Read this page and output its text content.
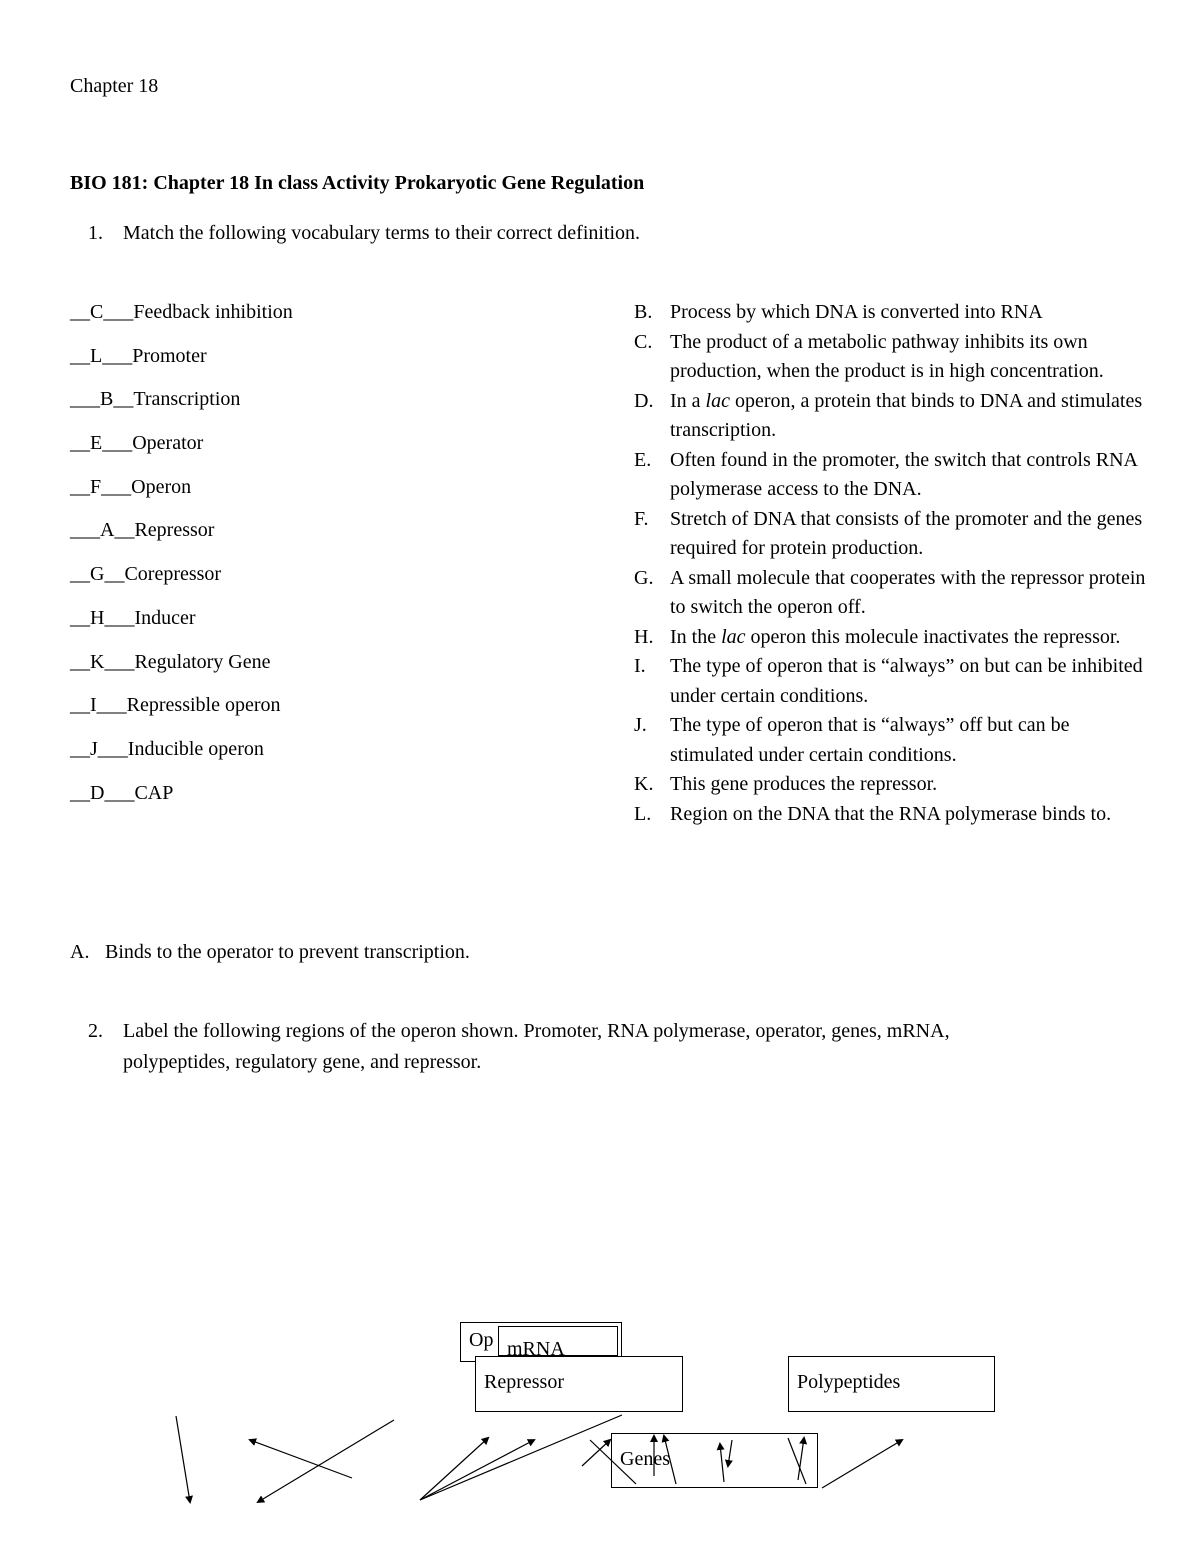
Chapter 18
BIO 181: Chapter 18 In class Activity Prokaryotic Gene Regulation
1. Match the following vocabulary terms to their correct definition.
__C___Feedback inhibition
__L___Promoter
___B__Transcription
__E___Operator
__F___Operon
___A__Repressor
__G__Corepressor
__H___Inducer
__K___Regulatory Gene
__I___Repressible operon
__J___Inducible operon
__D___CAP
B. Process by which DNA is converted into RNA
C. The product of a metabolic pathway inhibits its own production, when the product is in high concentration.
D. In a lac operon, a protein that binds to DNA and stimulates transcription.
E. Often found in the promoter, the switch that controls RNA polymerase access to the DNA.
F.	Stretch of DNA that consists of the promoter and the genes required for protein production.
G. A small molecule that cooperates with the repressor protein to switch the operon off.
H. In the lac operon this molecule inactivates the repressor.
I.	The type of operon that is “always” on but can be inhibited under certain conditions.
J.	The type of operon that is “always” off but can be stimulated under certain conditions.
K. This gene produces the repressor.
L. Region on the DNA that the RNA polymerase binds to.
A. Binds to the operator to prevent transcription.
2. Label the following regions of the operon shown. Promoter, RNA polymerase, operator, genes, mRNA,
polypeptides, regulatory gene, and repressor.
Op mRNA
Repressor	Polypeptides
Genes
